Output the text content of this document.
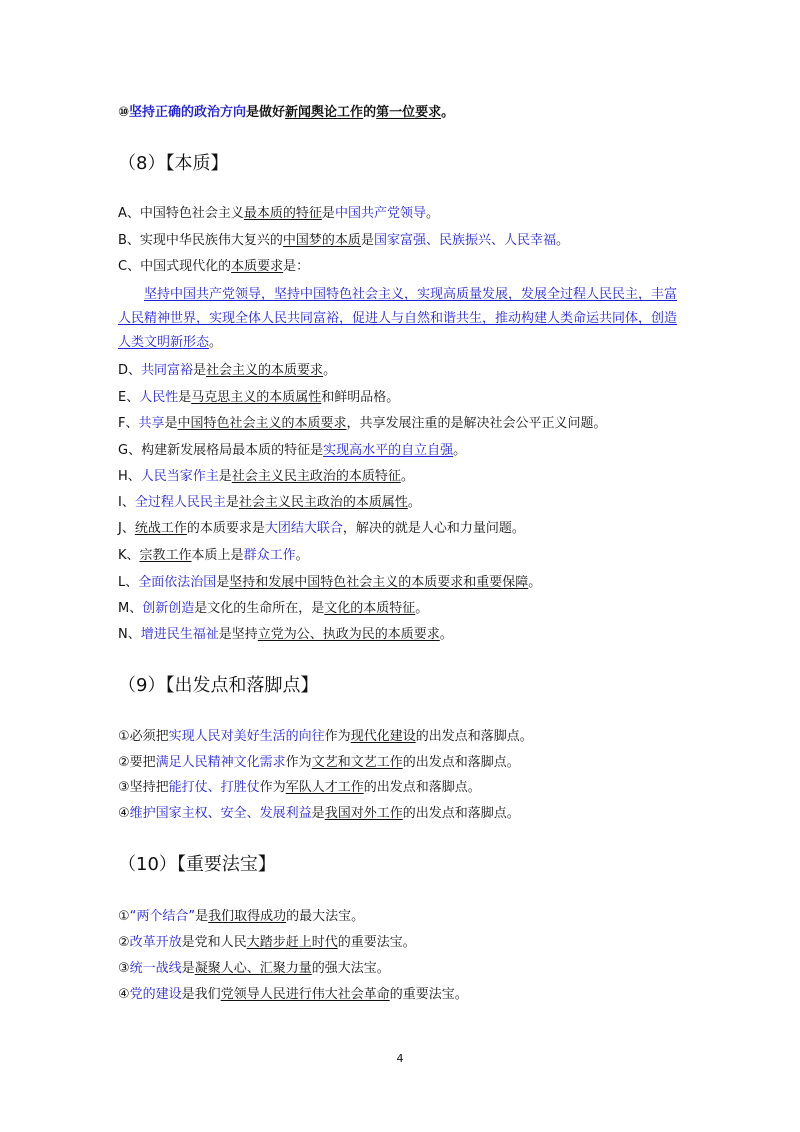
⑩坚持正确的政治方向是做好新闻舆论工作的第一位要求。
（8）【本质】
A、中国特色社会主义最本质的特征是中国共产党领导。
B、实现中华民族伟大复兴的中国梦的本质是国家富强、民族振兴、人民幸福。
C、中国式现代化的本质要求是：
坚持中国共产党领导，坚持中国特色社会主义，实现高质量发展，发展全过程人民民主，丰富人民精神世界，实现全体人民共同富裕，促进人与自然和谐共生，推动构建人类命运共同体，创造人类文明新形态。
D、共同富裕是社会主义的本质要求。
E、人民性是马克思主义的本质属性和鲜明品格。
F、共享是中国特色社会主义的本质要求，共享发展注重的是解决社会公平正义问题。
G、构建新发展格局最本质的特征是实现高水平的自立自强。
H、人民当家作主是社会主义民主政治的本质特征。
I、全过程人民民主是社会主义民主政治的本质属性。
J、统战工作的本质要求是大团结大联合，解决的就是人心和力量问题。
K、宗教工作本质上是群众工作。
L、全面依法治国是坚持和发展中国特色社会主义的本质要求和重要保障。
M、创新创造是文化的生命所在，是文化的本质特征。
N、增进民生福祉是坚持立党为公、执政为民的本质要求。
（9）【出发点和落脚点】
①必须把实现人民对美好生活的向往作为现代化建设的出发点和落脚点。
②要把满足人民精神文化需求作为文艺和文艺工作的出发点和落脚点。
③坚持把能打仗、打胜仗作为军队人才工作的出发点和落脚点。
④维护国家主权、安全、发展利益是我国对外工作的出发点和落脚点。
（10）【重要法宝】
①“两个结合”是我们取得成功的最大法宝。
②改革开放是党和人民大踏步赶上时代的重要法宝。
③统一战线是凝聚人心、汇聚力量的强大法宝。
④党的建设是我们党领导人民进行伟大社会革命的重要法宝。
4
